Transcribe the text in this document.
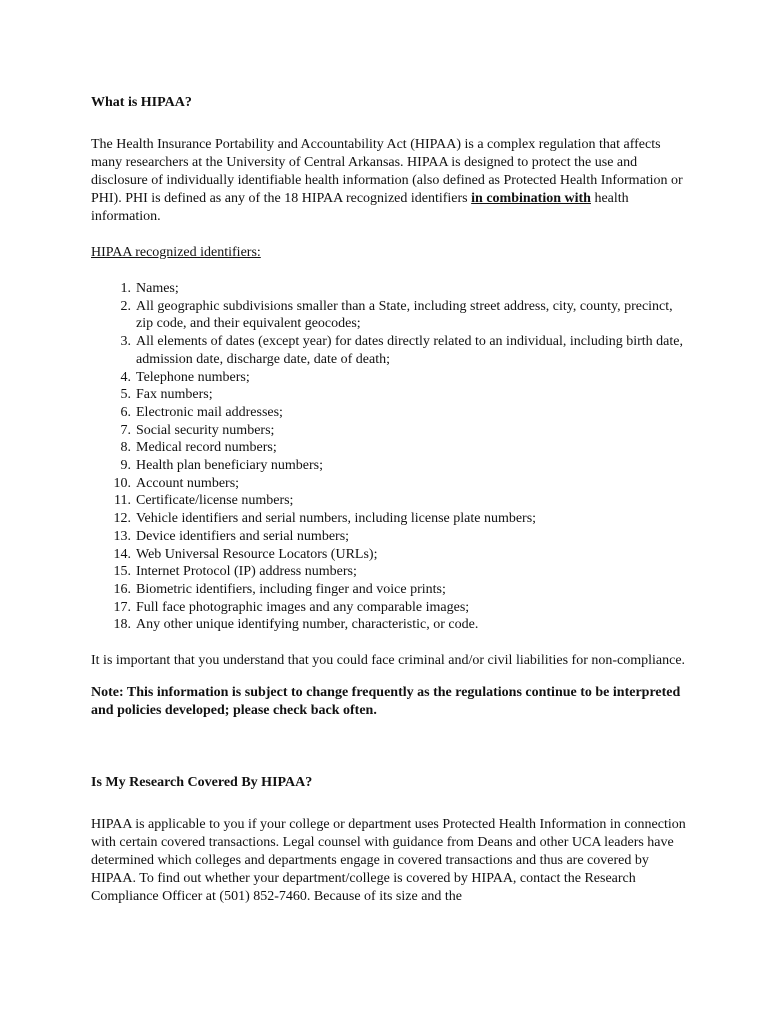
What is HIPAA?

The Health Insurance Portability and Accountability Act (HIPAA) is a complex regulation that affects many researchers at the University of Central Arkansas. HIPAA is designed to protect the use and disclosure of individually identifiable health information (also defined as Protected Health Information or PHI). PHI is defined as any of the 18 HIPAA recognized identifiers in combination with health information.

HIPAA recognized identifiers:

1. Names;
2. All geographic subdivisions smaller than a State, including street address, city, county, precinct, zip code, and their equivalent geocodes;
3. All elements of dates (except year) for dates directly related to an individual, including birth date, admission date, discharge date, date of death;
4. Telephone numbers;
5. Fax numbers;
6. Electronic mail addresses;
7. Social security numbers;
8. Medical record numbers;
9. Health plan beneficiary numbers;
10. Account numbers;
11. Certificate/license numbers;
12. Vehicle identifiers and serial numbers, including license plate numbers;
13. Device identifiers and serial numbers;
14. Web Universal Resource Locators (URLs);
15. Internet Protocol (IP) address numbers;
16. Biometric identifiers, including finger and voice prints;
17. Full face photographic images and any comparable images;
18. Any other unique identifying number, characteristic, or code.

It is important that you understand that you could face criminal and/or civil liabilities for non-compliance.

Note: This information is subject to change frequently as the regulations continue to be interpreted and policies developed; please check back often.

Is My Research Covered By HIPAA?

HIPAA is applicable to you if your college or department uses Protected Health Information in connection with certain covered transactions. Legal counsel with guidance from Deans and other UCA leaders have determined which colleges and departments engage in covered transactions and thus are covered by HIPAA. To find out whether your department/college is covered by HIPAA, contact the Research Compliance Officer at (501) 852-7460. Because of its size and the
